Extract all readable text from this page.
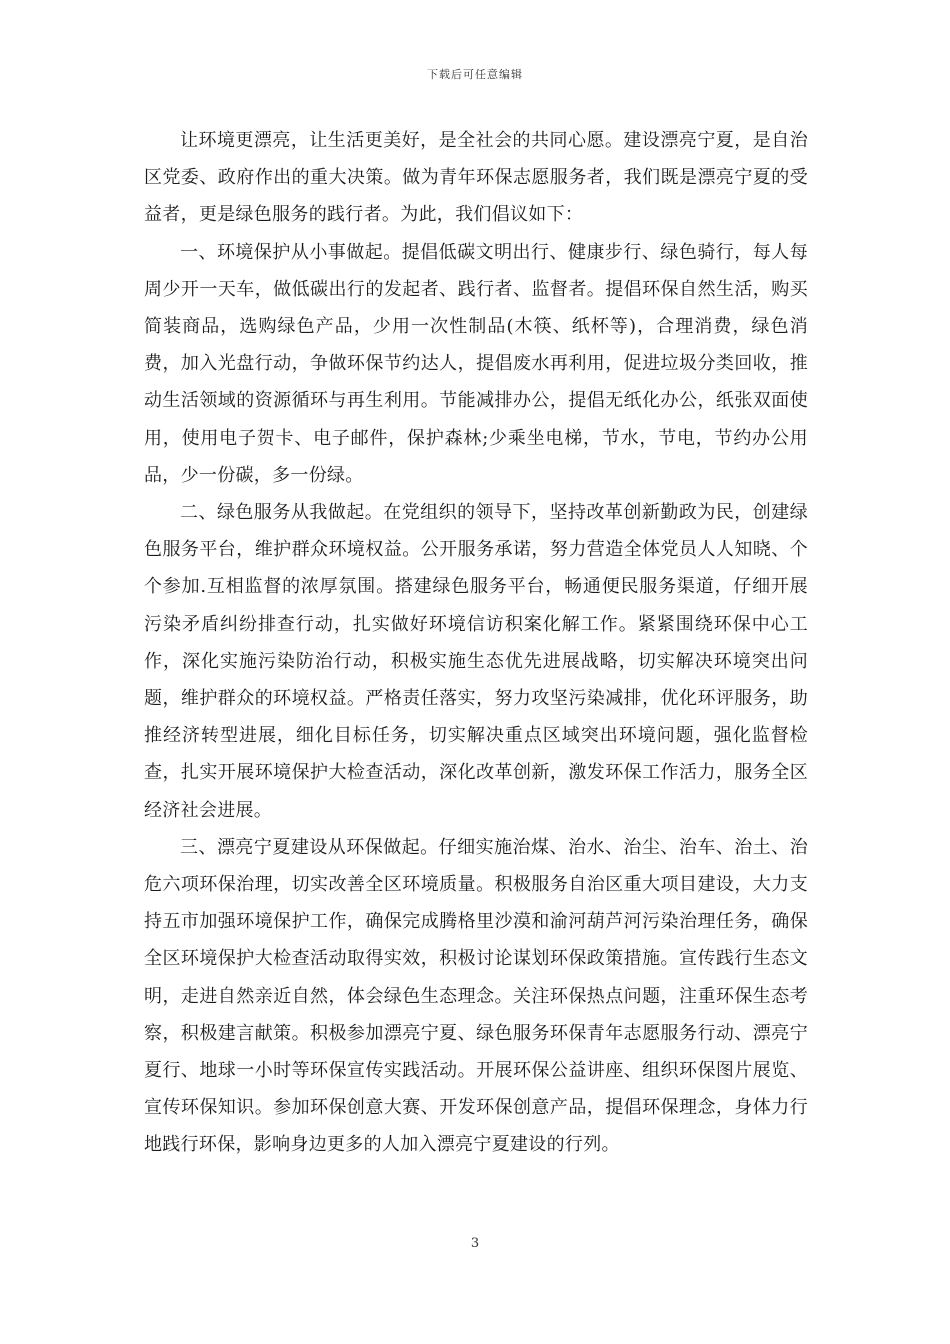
下载后可任意编辑

让环境更漂亮，让生活更美好，是全社会的共同心愿。建设漂亮宁夏，是自治区党委、政府作出的重大决策。做为青年环保志愿服务者，我们既是漂亮宁夏的受益者，更是绿色服务的践行者。为此，我们倡议如下：

一、环境保护从小事做起。提倡低碳文明出行、健康步行、绿色骑行，每人每周少开一天车，做低碳出行的发起者、践行者、监督者。提倡环保自然生活，购买简装商品，选购绿色产品，少用一次性制品(木筷、纸杯等)，合理消费，绿色消费，加入光盘行动，争做环保节约达人，提倡废水再利用，促进垃圾分类回收，推动生活领域的资源循环与再生利用。节能减排办公，提倡无纸化办公，纸张双面使用，使用电子贺卡、电子邮件，保护森林;少乘坐电梯，节水，节电，节约办公用品，少一份碳，多一份绿。

二、绿色服务从我做起。在党组织的领导下，坚持改革创新勤政为民，创建绿色服务平台，维护群众环境权益。公开服务承诺，努力营造全体党员人人知晓、个个参加.互相监督的浓厚氛围。搭建绿色服务平台，畅通便民服务渠道，仔细开展污染矛盾纠纷排查行动，扎实做好环境信访积案化解工作。紧紧围绕环保中心工作，深化实施污染防治行动，积极实施生态优先进展战略，切实解决环境突出问题，维护群众的环境权益。严格责任落实，努力攻坚污染减排，优化环评服务，助推经济转型进展，细化目标任务，切实解决重点区域突出环境问题，强化监督检查，扎实开展环境保护大检查活动，深化改革创新，激发环保工作活力，服务全区经济社会进展。

三、漂亮宁夏建设从环保做起。仔细实施治煤、治水、治尘、治车、治土、治危六项环保治理，切实改善全区环境质量。积极服务自治区重大项目建设，大力支持五市加强环境保护工作，确保完成腾格里沙漠和渝河葫芦河污染治理任务，确保全区环境保护大检查活动取得实效，积极讨论谋划环保政策措施。宣传践行生态文明，走进自然亲近自然，体会绿色生态理念。关注环保热点问题，注重环保生态考察，积极建言献策。积极参加漂亮宁夏、绿色服务环保青年志愿服务行动、漂亮宁夏行、地球一小时等环保宣传实践活动。开展环保公益讲座、组织环保图片展览、宣传环保知识。参加环保创意大赛、开发环保创意产品，提倡环保理念，身体力行地践行环保，影响身边更多的人加入漂亮宁夏建设的行列。

3
